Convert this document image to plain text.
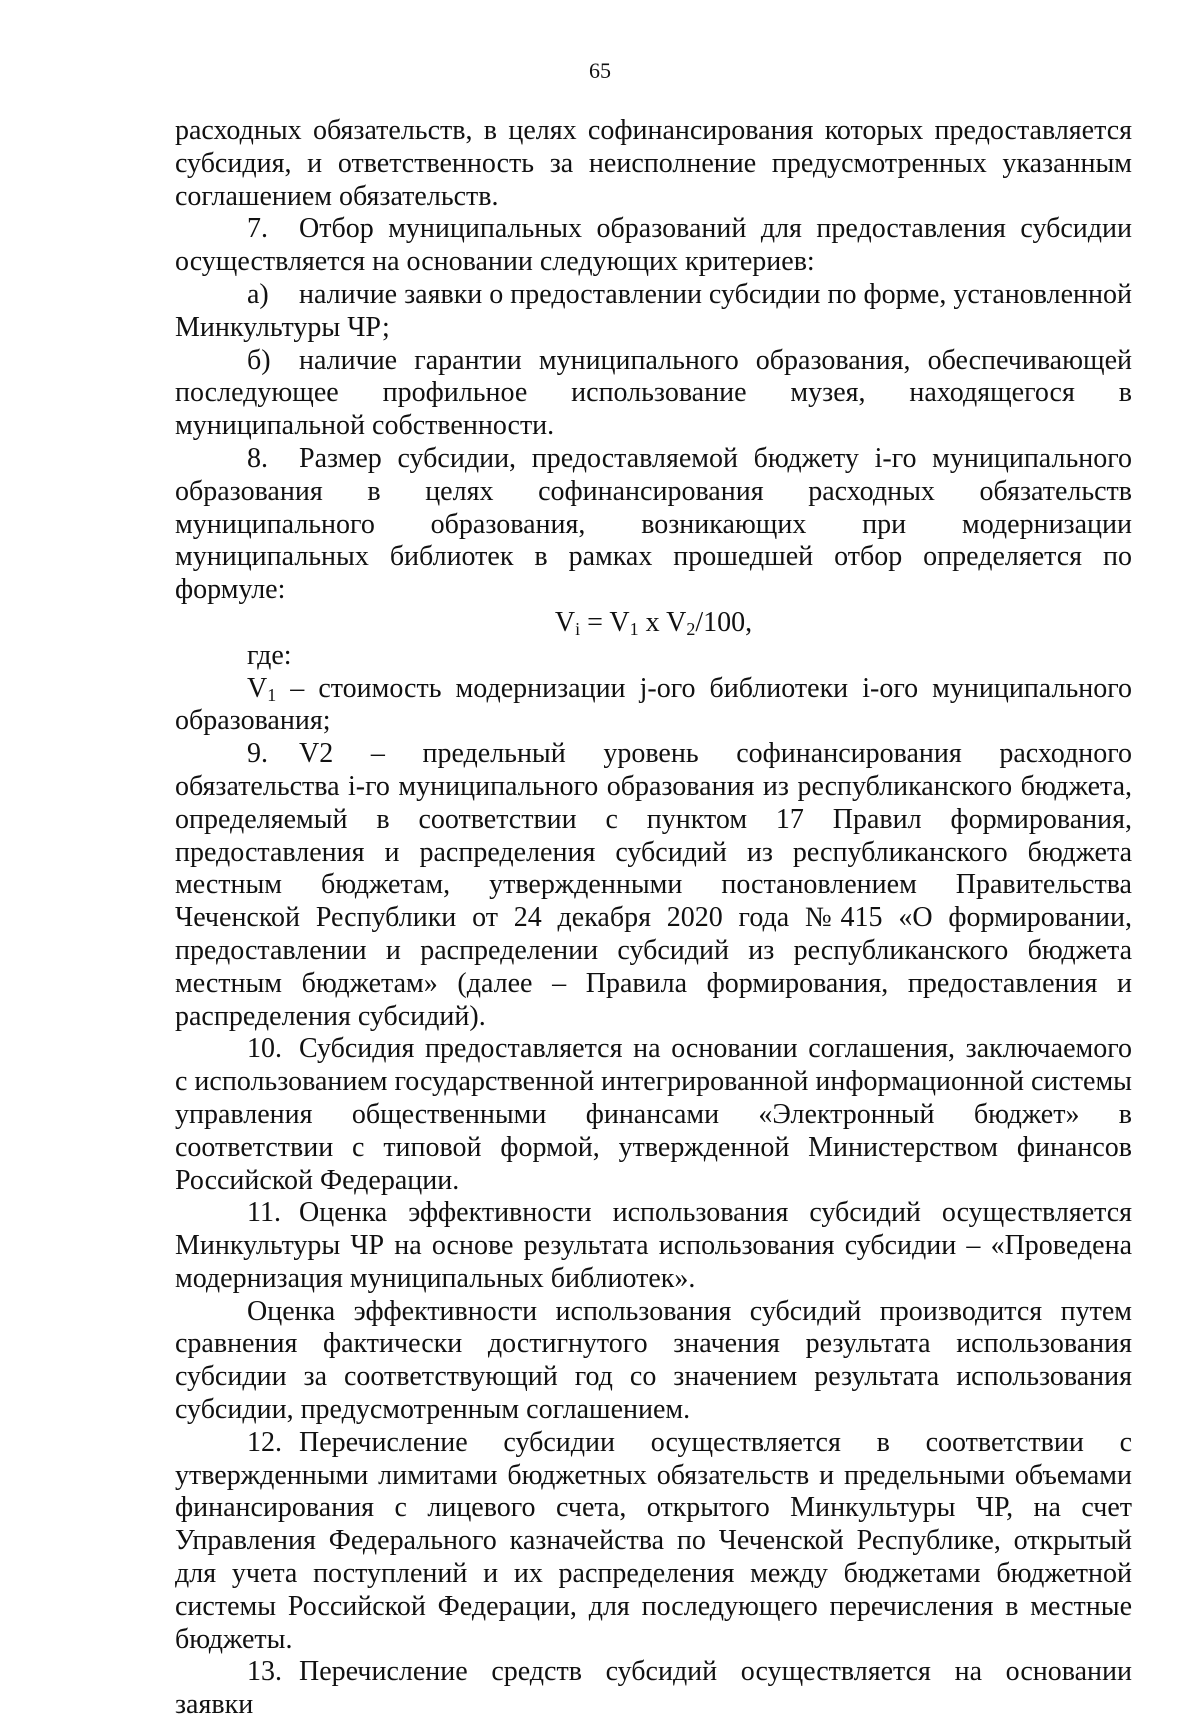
65

расходных обязательств, в целях софинансирования которых предоставляется субсидия, и ответственность за неисполнение предусмотренных указанным соглашением обязательств.

7. Отбор муниципальных образований для предоставления субсидии осуществляется на основании следующих критериев:

а) наличие заявки о предоставлении субсидии по форме, установленной Минкультуры ЧР;

б) наличие гарантии муниципального образования, обеспечивающей последующее профильное использование музея, находящегося в муниципальной собственности.

8. Размер субсидии, предоставляемой бюджету i-го муниципального образования в целях софинансирования расходных обязательств муниципального образования, возникающих при модернизации муниципальных библиотек в рамках прошедшей отбор определяется по формуле:

$V_i = V_1$ x $V_2/100$,

где:

$V_1$ – стоимость модернизации j-ого библиотеки i-ого муниципального образования;

9. V2 – предельный уровень софинансирования расходного обязательства i-го муниципального образования из республиканского бюджета, определяемый в соответствии с пунктом 17 Правил формирования, предоставления и распределения субсидий из республиканского бюджета местным бюджетам, утвержденными постановлением Правительства Чеченской Республики от 24 декабря 2020 года №415 «О формировании, предоставлении и распределении субсидий из республиканского бюджета местным бюджетам» (далее – Правила формирования, предоставления и распределения субсидий).

10. Субсидия предоставляется на основании соглашения, заключаемого с использованием государственной интегрированной информационной системы управления общественными финансами «Электронный бюджет» в соответствии с типовой формой, утвержденной Министерством финансов Российской Федерации.

11. Оценка эффективности использования субсидий осуществляется Минкультуры ЧР на основе результата использования субсидии – «Проведена модернизация муниципальных библиотек».

Оценка эффективности использования субсидий производится путем сравнения фактически достигнутого значения результата использования субсидии за соответствующий год со значением результата использования субсидии, предусмотренным соглашением.

12. Перечисление субсидии осуществляется в соответствии с утвержденными лимитами бюджетных обязательств и предельными объемами финансирования с лицевого счета, открытого Минкультуры ЧР, на счет Управления Федерального казначейства по Чеченской Республике, открытый для учета поступлений и их распределения между бюджетами бюджетной системы Российской Федерации, для последующего перечисления в местные бюджеты.

13. Перечисление средств субсидий осуществляется на основании заявки
